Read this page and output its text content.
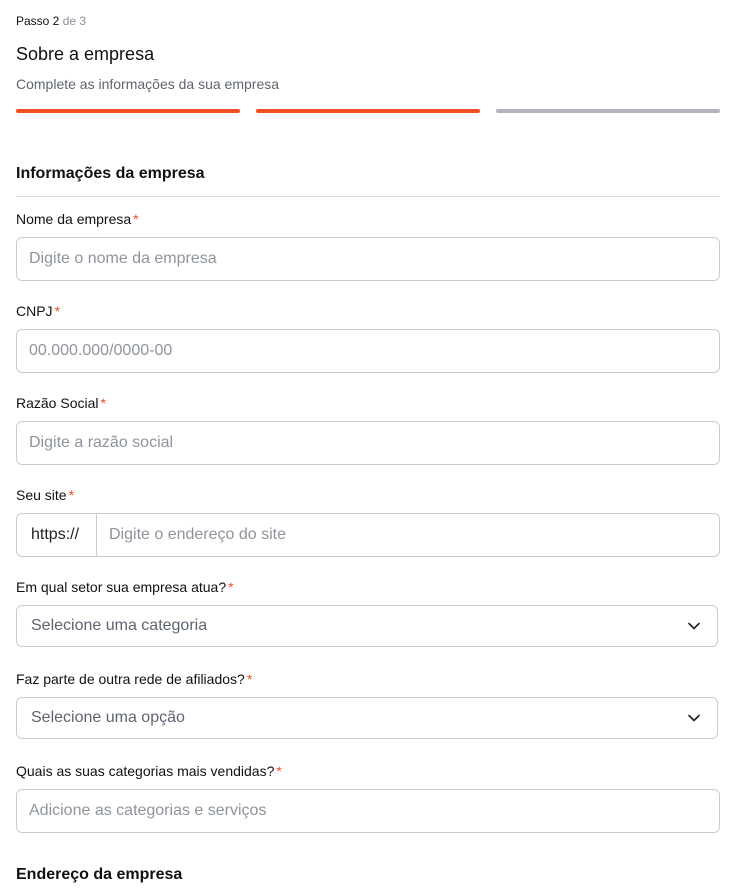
Passo 2 de 3
Sobre a empresa
Complete as informações da sua empresa
Informações da empresa
Nome da empresa *
Digite o nome da empresa
CNPJ *
00.000.000/0000-00
Razão Social *
Digite a razão social
Seu site *
https://
Digite o endereço do site
Em qual setor sua empresa atua? *
Selecione uma categoria
Faz parte de outra rede de afiliados? *
Selecione uma opção
Quais as suas categorias mais vendidas? *
Adicione as categorias e serviços
Endereço da empresa
